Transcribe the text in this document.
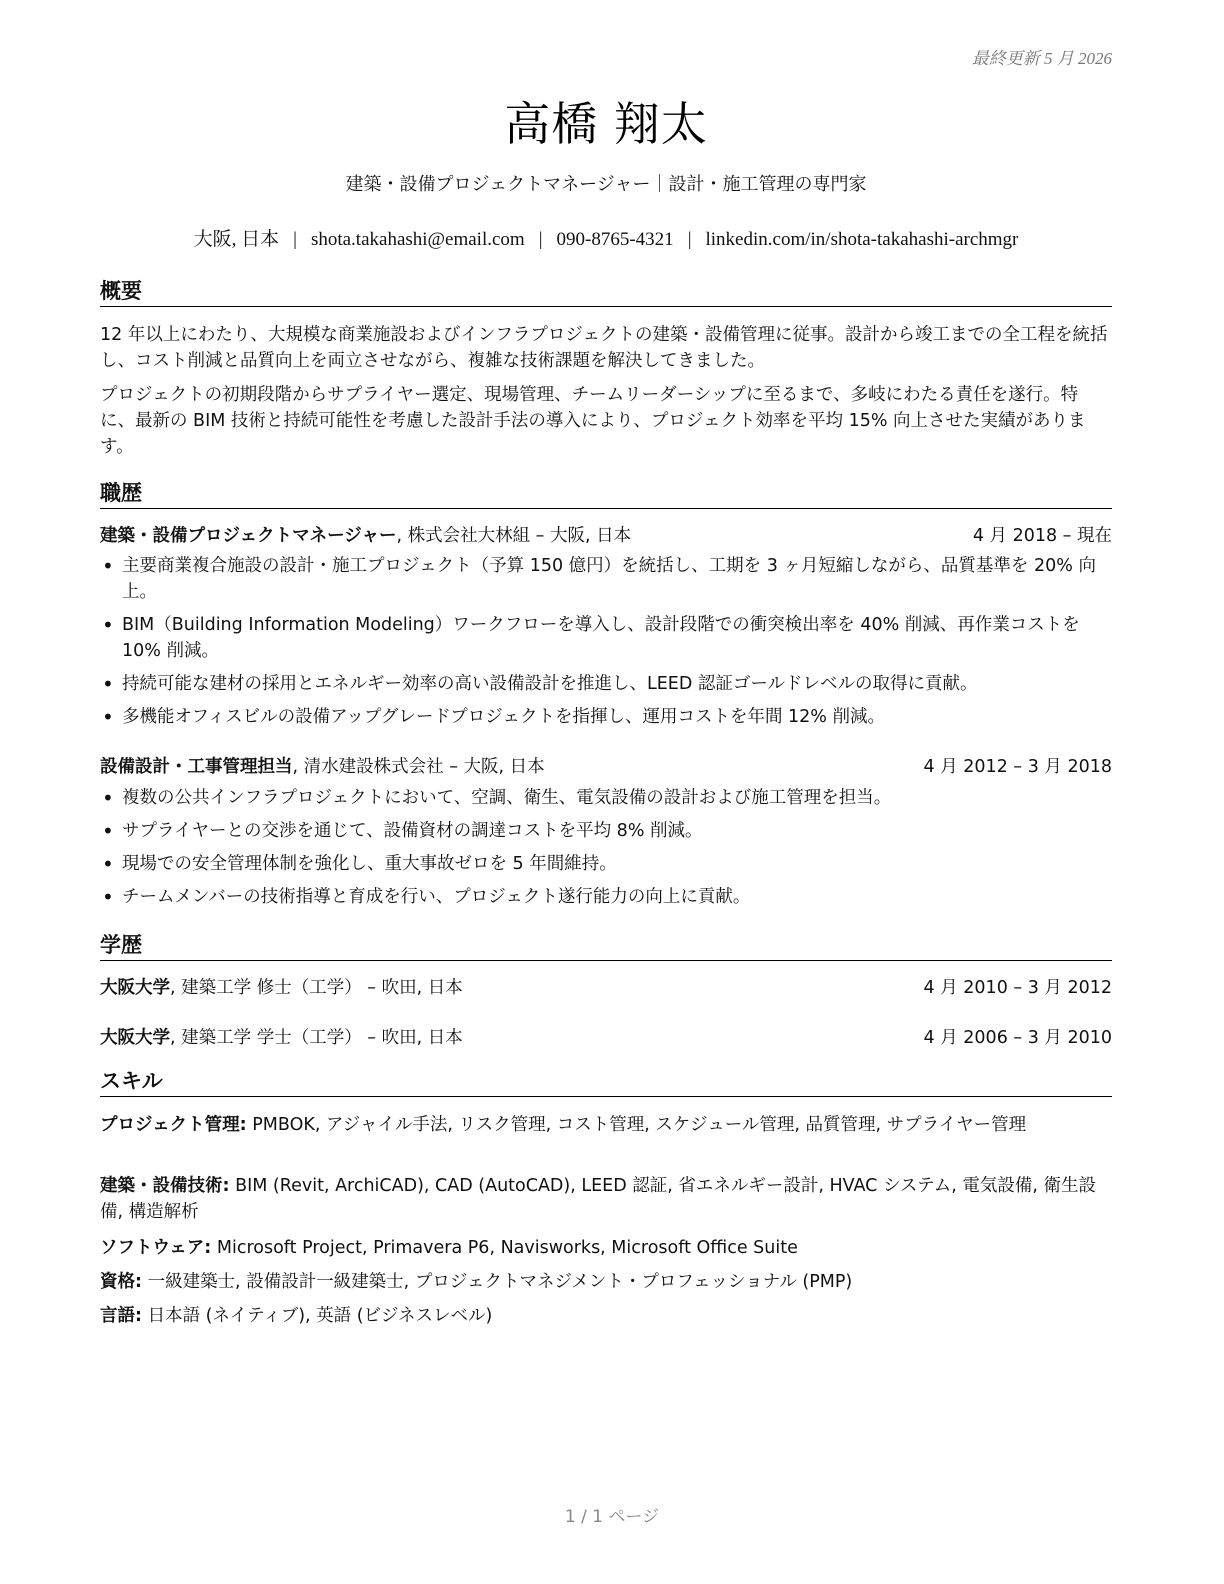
最終更新 5 月 2026
高橋 翔太
建築・設備プロジェクトマネージャー｜設計・施工管理の専門家
大阪, 日本 | shota.takahashi@email.com | 090-8765-4321 | linkedin.com/in/shota-takahashi-archmgr
概要
12 年以上にわたり、大規模な商業施設およびインフラプロジェクトの建築・設備管理に従事。設計から竣工までの全工程を統括し、コスト削減と品質向上を両立させながら、複雑な技術課題を解決してきました。
プロジェクトの初期段階からサプライヤー選定、現場管理、チームリーダーシップに至るまで、多岐にわたる責任を遂行。特に、最新の BIM 技術と持続可能性を考慮した設計手法の導入により、プロジェクト効率を平均 15% 向上させた実績があります。
職歴
建築・設備プロジェクトマネージャー, 株式会社大林組 – 大阪, 日本	4 月 2018 – 現在
• 主要商業複合施設の設計・施工プロジェクト（予算 150 億円）を統括し、工期を 3 ヶ月短縮しながら、品質基準を 20% 向上。
• BIM（Building Information Modeling）ワークフローを導入し、設計段階での衝突検出率を 40% 削減、再作業コストを 10% 削減。
• 持続可能な建材の採用とエネルギー効率の高い設備設計を推進し、LEED 認証ゴールドレベルの取得に貢献。
• 多機能オフィスビルの設備アップグレードプロジェクトを指揮し、運用コストを年間 12% 削減。
設備設計・工事管理担当, 清水建設株式会社 – 大阪, 日本	4 月 2012 – 3 月 2018
• 複数の公共インフラプロジェクトにおいて、空調、衛生、電気設備の設計および施工管理を担当。
• サプライヤーとの交渉を通じて、設備資材の調達コストを平均 8% 削減。
• 現場での安全管理体制を強化し、重大事故ゼロを 5 年間維持。
• チームメンバーの技術指導と育成を行い、プロジェクト遂行能力の向上に貢献。
学歴
大阪大学, 建築工学 修士（工学） – 吹田, 日本	4 月 2010 – 3 月 2012
大阪大学, 建築工学 学士（工学） – 吹田, 日本	4 月 2006 – 3 月 2010
スキル
プロジェクト管理: PMBOK, アジャイル手法, リスク管理, コスト管理, スケジュール管理, 品質管理, サプライヤー管理
建築・設備技術: BIM (Revit, ArchiCAD), CAD (AutoCAD), LEED 認証, 省エネルギー設計, HVAC システム, 電気設備, 衛生設備, 構造解析
ソフトウェア: Microsoft Project, Primavera P6, Navisworks, Microsoft Office Suite
資格: 一級建築士, 設備設計一級建築士, プロジェクトマネジメント・プロフェッショナル (PMP)
言語: 日本語 (ネイティブ), 英語 (ビジネスレベル)
1 / 1 ページ
